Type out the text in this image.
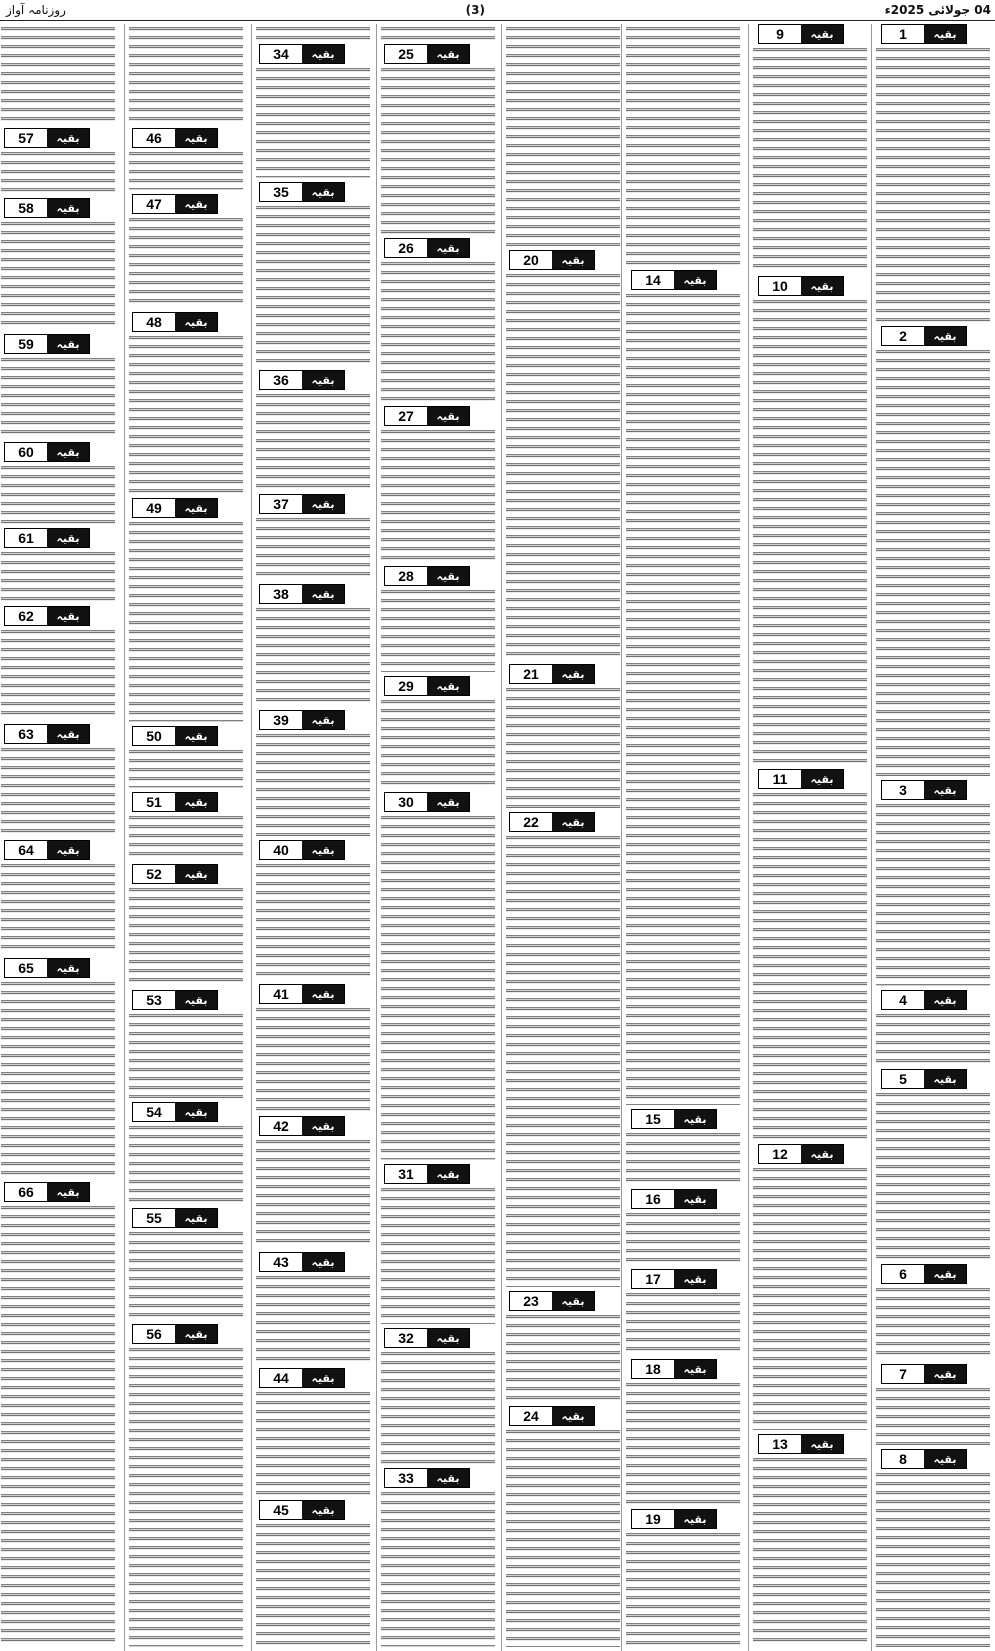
روزنامہ آواز	(3)	04 جولائی 2025ء
1	بقیہ
2	بقیہ
3	بقیہ
4	بقیہ
5	بقیہ
6	بقیہ
7	بقیہ
8	بقیہ
9	بقیہ
10	بقیہ
11	بقیہ
12	بقیہ
13	بقیہ
14	بقیہ
15	بقیہ
16	بقیہ
17	بقیہ
18	بقیہ
19	بقیہ
20	بقیہ
21	بقیہ
22	بقیہ
23	بقیہ
24	بقیہ
25	بقیہ
26	بقیہ
27	بقیہ
28	بقیہ
29	بقیہ
30	بقیہ
31	بقیہ
32	بقیہ
33	بقیہ
34	بقیہ
35	بقیہ
36	بقیہ
37	بقیہ
38	بقیہ
39	بقیہ
40	بقیہ
41	بقیہ
42	بقیہ
43	بقیہ
44	بقیہ
45	بقیہ
46	بقیہ
47	بقیہ
48	بقیہ
49	بقیہ
50	بقیہ
51	بقیہ
52	بقیہ
53	بقیہ
54	بقیہ
55	بقیہ
56	بقیہ
57	بقیہ
58	بقیہ
59	بقیہ
60	بقیہ
61	بقیہ
62	بقیہ
63	بقیہ
64	بقیہ
65	بقیہ
66	بقیہ
